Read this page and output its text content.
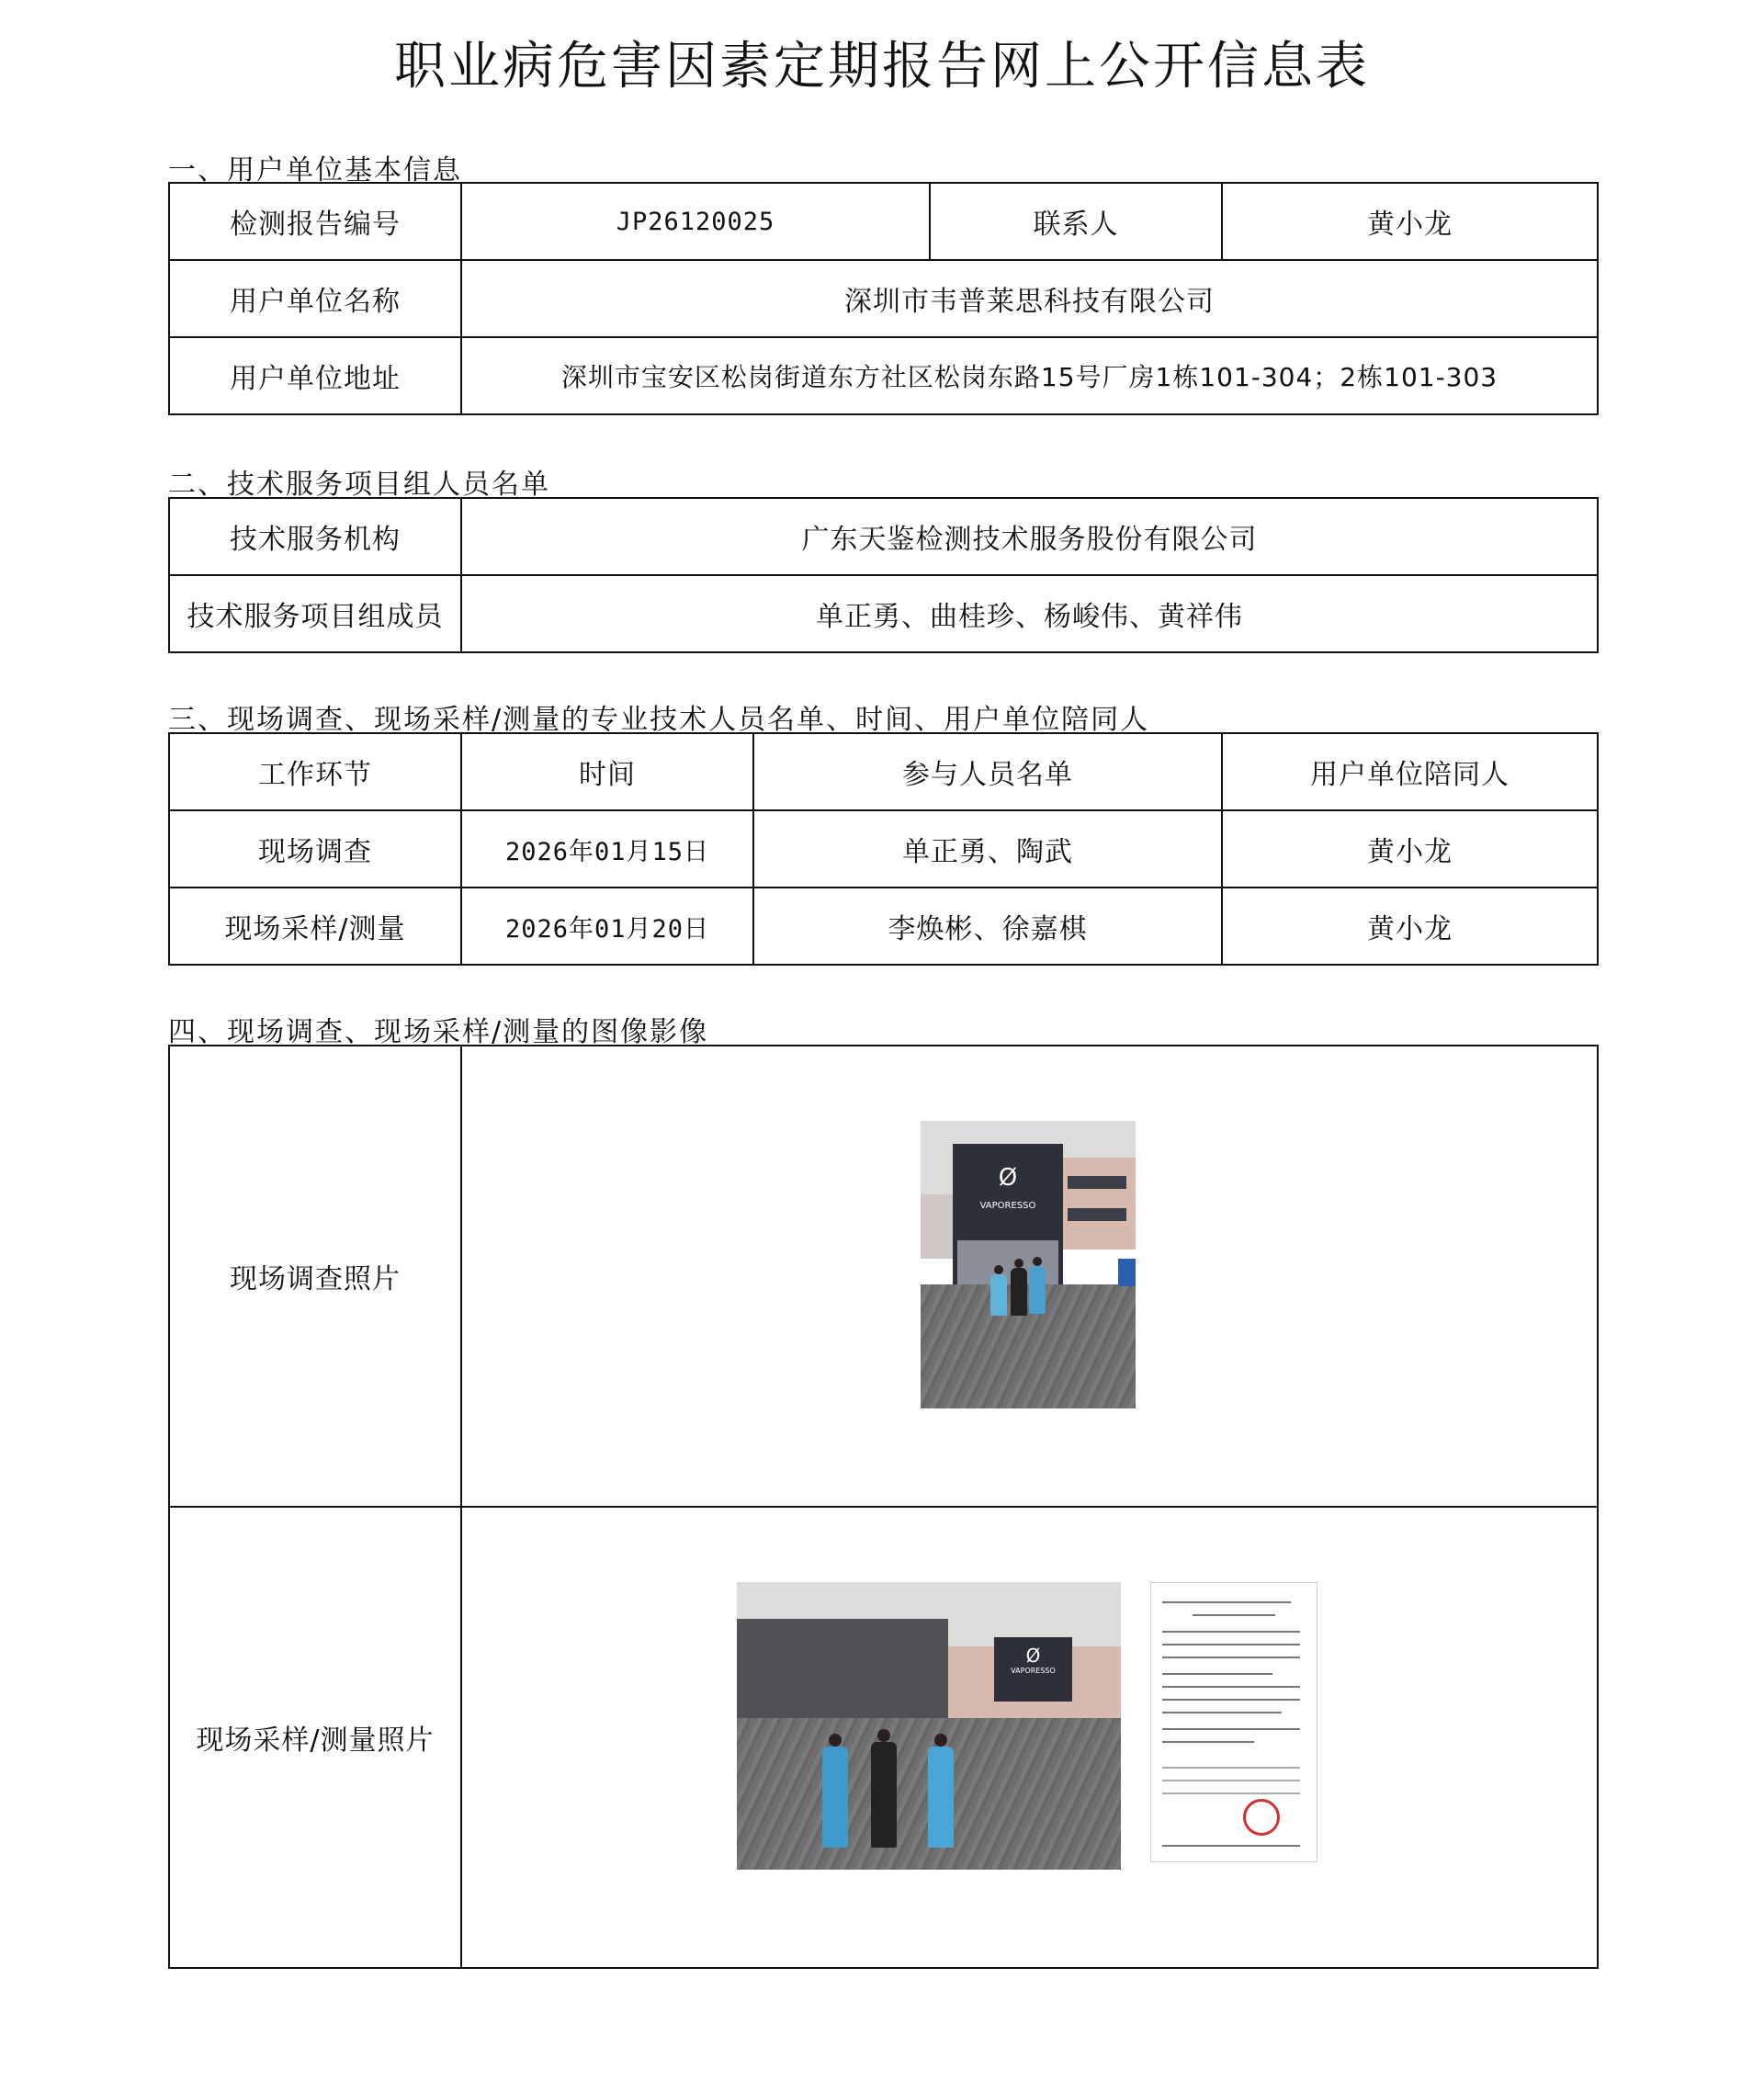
职业病危害因素定期报告网上公开信息表
一、用户单位基本信息
检测报告编号	JP26120025	联系人	黄小龙
用户单位名称	深圳市韦普莱思科技有限公司		
用户单位地址	深圳市宝安区松岗街道东方社区松岗东路15号厂房1栋101-304；2栋101-303		
二、技术服务项目组人员名单
技术服务机构	广东天鉴检测技术服务股份有限公司
技术服务项目组成员	单正勇、曲桂珍、杨峻伟、黄祥伟
三、现场调查、现场采样/测量的专业技术人员名单、时间、用户单位陪同人
工作环节	时间	参与人员名单	用户单位陪同人
现场调查	2026年01月15日	单正勇、陶武	黄小龙
现场采样/测量	2026年01月20日	李焕彬、徐嘉棋	黄小龙
四、现场调查、现场采样/测量的图像影像
现场调查照片	
现场采样/测量照片	
Ø
VAPORESSO
Ø
VAPORESSO
